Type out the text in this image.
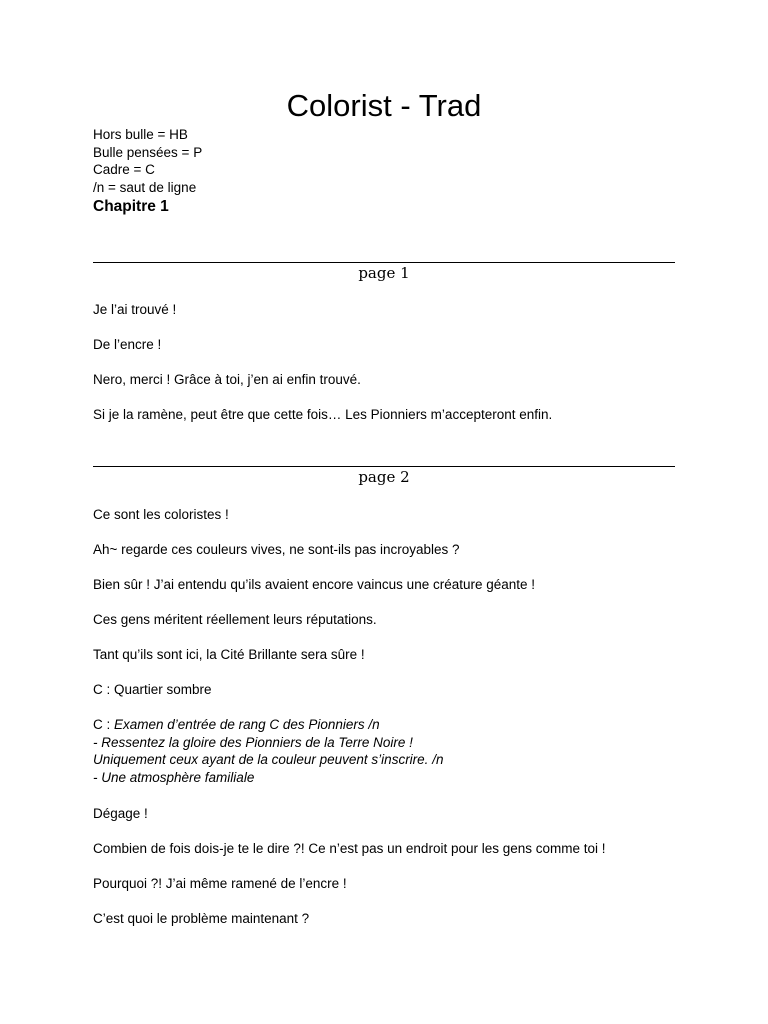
Colorist - Trad
Hors bulle = HB
Bulle pensées = P
Cadre = C
/n = saut de ligne
Chapitre 1
page 1
Je l’ai trouvé !
De l’encre !
Nero, merci ! Grâce à toi, j’en ai enfin trouvé.
Si je la ramène, peut être que cette fois… Les Pionniers m’accepteront enfin.
page 2
Ce sont les coloristes !
Ah~ regarde ces couleurs vives, ne sont-ils pas incroyables ?
Bien sûr ! J’ai entendu qu’ils avaient encore vaincus une créature géante !
Ces gens méritent réellement leurs réputations.
Tant qu’ils sont ici, la Cité Brillante sera sûre !
C : Quartier sombre
C : Examen d’entrée de rang C des Pionniers /n
- Ressentez la gloire des Pionniers de la Terre Noire !
Uniquement ceux ayant de la couleur peuvent s’inscrire. /n
- Une atmosphère familiale
Dégage !
Combien de fois dois-je te le dire ?! Ce n’est pas un endroit pour les gens comme toi !
Pourquoi ?! J’ai même ramené de l’encre !
C’est quoi le problème maintenant ?
